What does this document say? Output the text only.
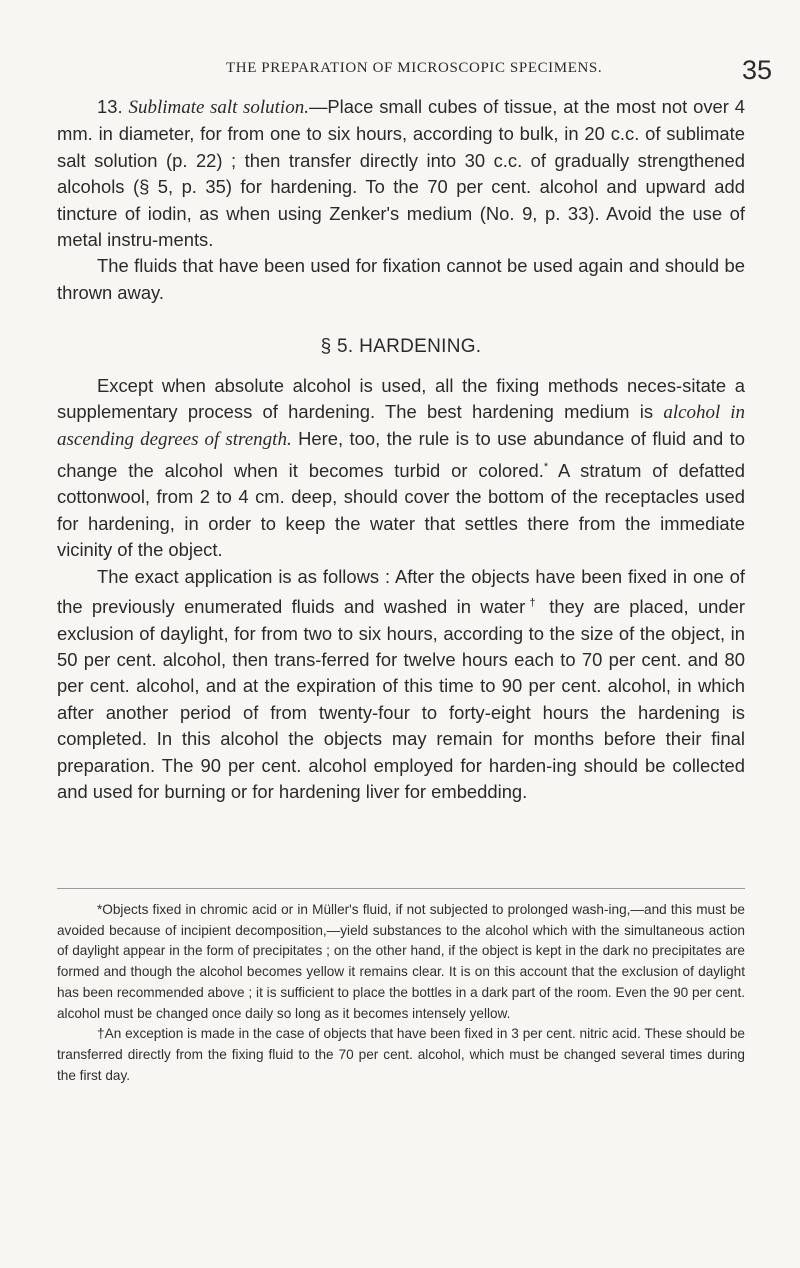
THE PREPARATION OF MICROSCOPIC SPECIMENS.	35

13. Sublimate salt solution.—Place small cubes of tissue, at the most not over 4 mm. in diameter, for from one to six hours, according to bulk, in 20 c.c. of sublimate salt solution (p. 22) ; then transfer directly into 30 c.c. of gradually strengthened alcohols (§ 5, p. 35) for hardening. To the 70 per cent. alcohol and upward add tincture of iodin, as when using Zenker's medium (No. 9, p. 33). Avoid the use of metal instru-ments.

The fluids that have been used for fixation cannot be used again and should be thrown away.

§ 5. HARDENING.

Except when absolute alcohol is used, all the fixing methods neces-sitate a supplementary process of hardening. The best hardening medium is alcohol in ascending degrees of strength. Here, too, the rule is to use abundance of fluid and to change the alcohol when it becomes turbid or colored.* A stratum of defatted cottonwool, from 2 to 4 cm. deep, should cover the bottom of the receptacles used for hardening, in order to keep the water that settles there from the immediate vicinity of the object.

The exact application is as follows : After the objects have been fixed in one of the previously enumerated fluids and washed in water† they are placed, under exclusion of daylight, for from two to six hours, according to the size of the object, in 50 per cent. alcohol, then trans-ferred for twelve hours each to 70 per cent. and 80 per cent. alcohol, and at the expiration of this time to 90 per cent. alcohol, in which after another period of from twenty-four to forty-eight hours the hardening is completed. In this alcohol the objects may remain for months before their final preparation. The 90 per cent. alcohol employed for harden-ing should be collected and used for burning or for hardening liver for embedding.

*Objects fixed in chromic acid or in Müller's fluid, if not subjected to prolonged wash-ing,—and this must be avoided because of incipient decomposition,—yield substances to the alcohol which with the simultaneous action of daylight appear in the form of precipitates ; on the other hand, if the object is kept in the dark no precipitates are formed and though the alcohol becomes yellow it remains clear. It is on this account that the exclusion of daylight has been recommended above ; it is sufficient to place the bottles in a dark part of the room. Even the 90 per cent. alcohol must be changed once daily so long as it becomes intensely yellow.

†An exception is made in the case of objects that have been fixed in 3 per cent. nitric acid. These should be transferred directly from the fixing fluid to the 70 per cent. alcohol, which must be changed several times during the first day.
